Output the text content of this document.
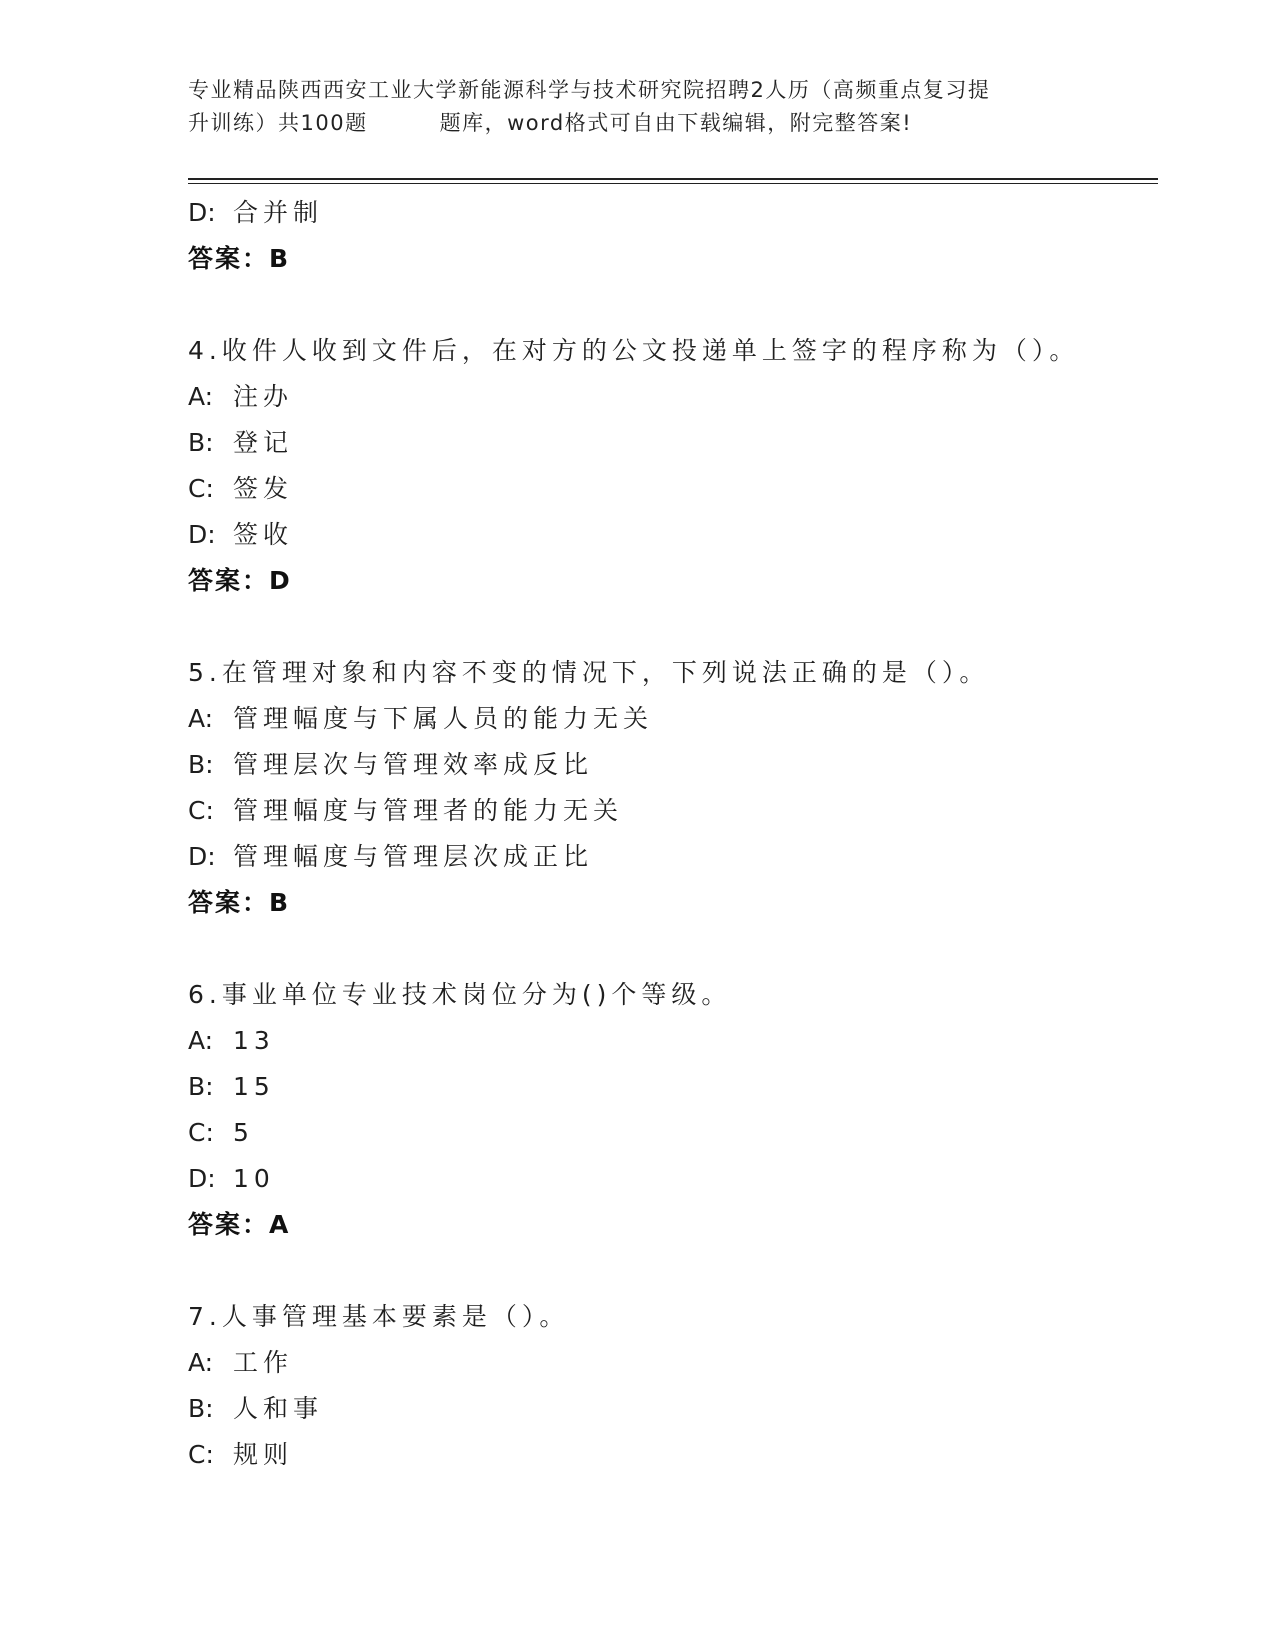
专业精品陕西西安工业大学新能源科学与技术研究院招聘2人历（高频重点复习提
升训练）共100题	题库，word格式可自由下载编辑，附完整答案!
D: 合并制
答案：B
4.收件人收到文件后，在对方的公文投递单上签字的程序称为（）。
A: 注办
B: 登记
C: 签发
D: 签收
答案：D
5.在管理对象和内容不变的情况下，下列说法正确的是（）。
A: 管理幅度与下属人员的能力无关
B: 管理层次与管理效率成反比
C: 管理幅度与管理者的能力无关
D: 管理幅度与管理层次成正比
答案：B
6.事业单位专业技术岗位分为()个等级。
A: 13
B: 15
C: 5
D: 10
答案：A
7.人事管理基本要素是（）。
A: 工作
B: 人和事
C: 规则
